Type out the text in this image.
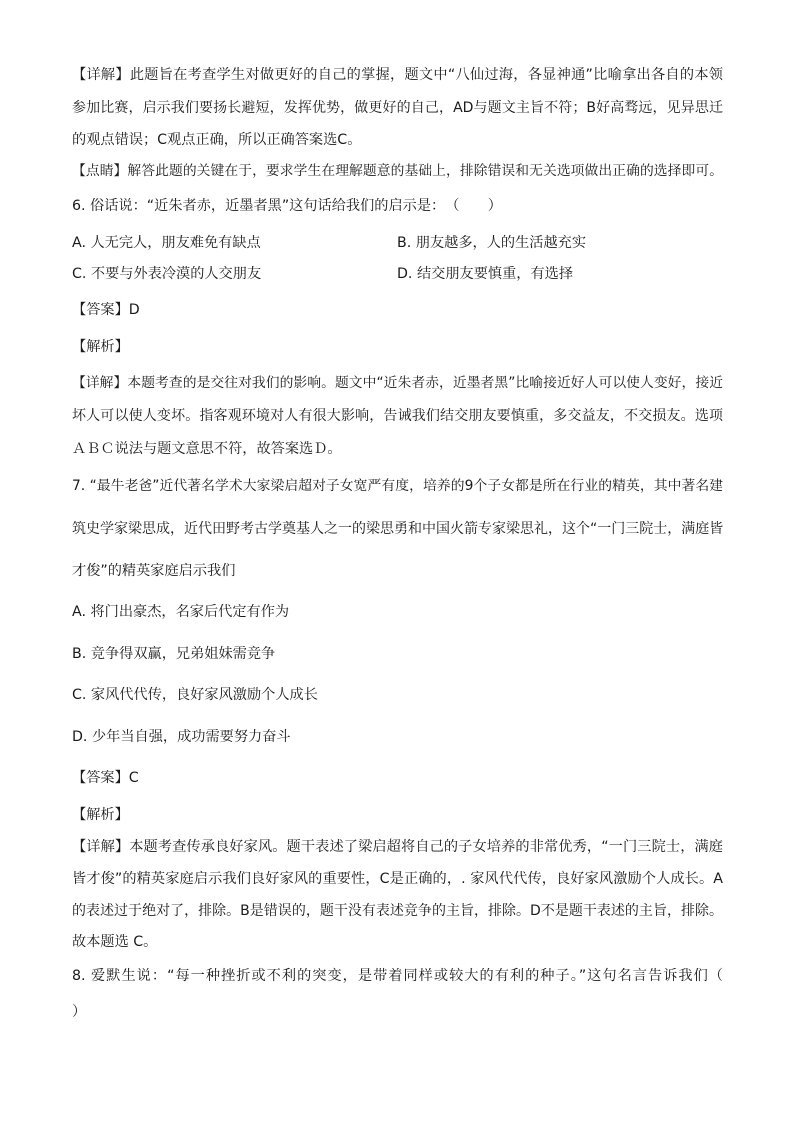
【详解】此题旨在考查学生对做更好的自己的掌握，题文中“八仙过海，各显神通”比喻拿出各自的本领
参加比赛，启示我们要扬长避短，发挥优势，做更好的自己，AD与题文主旨不符；B好高骛远，见异思迁
的观点错误；C观点正确，所以正确答案选C。
【点睛】解答此题的关键在于，要求学生在理解题意的基础上，排除错误和无关选项做出正确的选择即可。
6. 俗话说：“近朱者赤，近墨者黑”这句话给我们的启示是：　（　　）
A. 人无完人，朋友难免有缺点	B. 朋友越多，人的生活越充实
C. 不要与外表冷漠的人交朋友	D. 结交朋友要慎重，有选择
【答案】D
【解析】
【详解】本题考查的是交往对我们的影响。题文中“近朱者赤，近墨者黑”比喻接近好人可以使人变好，接近
坏人可以使人变坏。指客观环境对人有很大影响，告诫我们结交朋友要慎重，多交益友，不交损友。选项
ＡＢＣ说法与题文意思不符，故答案选Ｄ。
7. “最牛老爸”近代著名学术大家梁启超对子女宽严有度，培养的9个子女都是所在行业的精英，其中著名建
筑史学家梁思成，近代田野考古学奠基人之一的梁思勇和中国火箭专家梁思礼，这个“一门三院士，满庭皆
才俊”的精英家庭启示我们
A. 将门出豪杰，名家后代定有作为
B. 竞争得双赢，兄弟姐妹需竞争
C. 家风代代传，良好家风激励个人成长
D. 少年当自强，成功需要努力奋斗
【答案】C
【解析】
【详解】本题考查传承良好家风。题干表述了梁启超将自己的子女培养的非常优秀，“一门三院士，满庭
皆才俊”的精英家庭启示我们良好家风的重要性，C是正确的，. 家风代代传，良好家风激励个人成长。A
的表述过于绝对了，排除。B是错误的，题干没有表述竞争的主旨，排除。D不是题干表述的主旨，排除。
故本题选 C。
8. 爱默生说：“每一种挫折或不利的突变，是带着同样或较大的有利的种子。”这句名言告诉我们（
）
